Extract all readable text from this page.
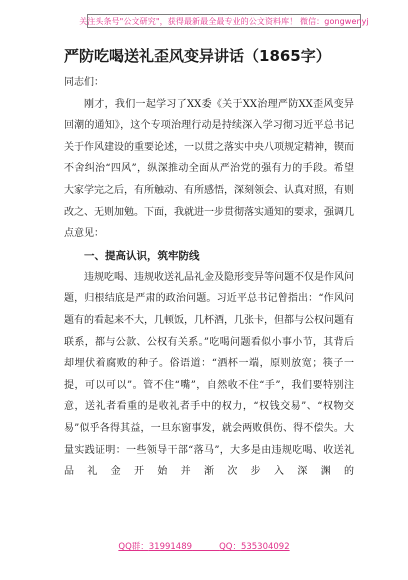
关注头条号"公文研究"，获得最新最全最专业的公文资料库！ 微信：gongwenyj
严防吃喝送礼歪风变异讲话（1865字）
同志们：

刚才，我们一起学习了XX委《关于XX治理严防XX歪风变异回潮的通知》，这个专项治理行动是持续深入学习彻习近平总书记关于作风建设的重要论述，一以贯之落实中央八项规定精神，锲而不舍纠治“四风”，纵深推动全面从严治党的强有力的手段。希望大家学完之后，有所触动、有所感悟，深刻领会、认真对照，有则改之、无则加勉。下面，我就进一步贯彻落实通知的要求，强调几点意见：

一、提高认识，筑牢防线

违规吃喝、违规收送礼品礼金及隐形变异等问题不仅是作风问题，归根结底是严肃的政治问题。习近平总书记曾指出：“作风问题有的看起来不大，几顿饭，几杯酒，几张卡，但都与公权问题有联系，都与公款、公权有关系。”吃喝问题看似小事小节，其背后却埋伏着腐败的种子。俗语道：“酒杯一端，原则放宽；筷子一提，可以可以”。管不住“嘴”，自然收不住“手”，我们要特别注意，送礼者看重的是收礼者手中的权力，“权钱交易”、“权物交易”似乎各得其益，一旦东窗事发，就会两败俱伤、得不偿失。大量实践证明：一些领导干部“落马”，大多是由违规吃喝、收送礼品礼金开始并渐次步入深渊的

QQ群：31991489	QQ：535304092
